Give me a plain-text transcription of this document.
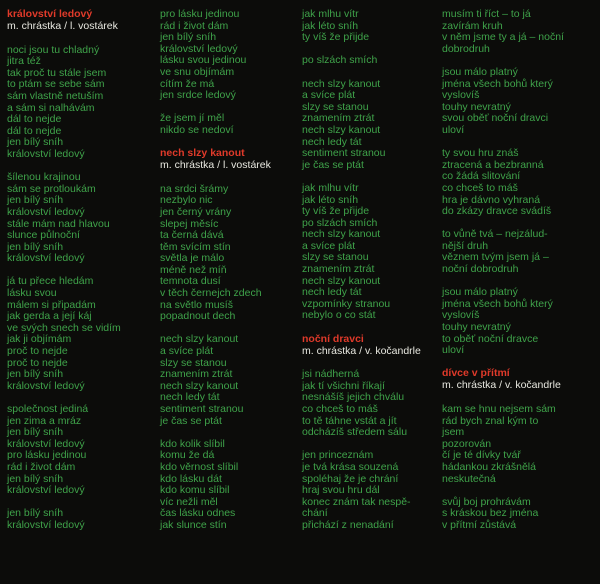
království ledový
m. chrástka / l. vostárek
noci jsou tu chladný
jitra též
tak proč tu stále jsem
to ptám se sebe sám
sám vlastně netuším
a sám si nalhávám
dál to nejde
dál to nejde
jen bílý sníh
království ledový
šílenou krajinou
sám se protloukám
jen bílý sníh
království ledový
stále mám nad hlavou
slunce půlnoční
jen bílý sníh
království ledový
já tu přece hledám
lásku svou
málem si připadám
jak gerda a její káj
ve svých snech se vidím
jak ji objímám
proč to nejde
proč to nejde
jen bílý sníh
království ledový
společnost jediná
jen zima a mráz
jen bílý sníh
království ledový
pro lásku jedinou
rád i život dám
jen bílý sníh
království ledový
jen bílý sníh
království ledový
pro lásku jedinou
rád i život dám
jen bílý sníh
království ledový
lásku svou jedinou
ve snu objímám
cítím že má
jen srdce ledový
že jsem jí měl
nikdo se nedoví
nech slzy kanout
m. chrástka / l. vostárek
na srdci šrámy
nezbylo nic
jen černý vrány
slepej měsíc
ta černá dává
těm svícím stín
světla je málo
méně než míň
temnota dusí
v těch černejch zdech
na světlo musíš
popadnout dech
nech slzy kanout
a svíce plát
slzy se stanou
znamením ztrát
nech slzy kanout
nech ledy tát
sentiment stranou
je čas se ptát
kdo kolik slíbil
komu že dá
kdo věrnost slíbil
kdo lásku dát
kdo komu slíbil
víc nežli měl
čas lásku odnes
jak slunce stín
jak mlhu vítr
jak léto sníh
ty víš že přijde
po slzách smích
nech slzy kanout
a svíce plát
slzy se stanou
znamením ztrát
nech slzy kanout
nech ledy tát
sentiment stranou
je čas se ptát
jak mlhu vítr
jak léto sníh
ty víš že přijde
po slzách smích
nech slzy kanout
a svíce plát
slzy se stanou
znamením ztrát
nech slzy kanout
nech ledy tát
vzpomínky stranou
nebylo o co stát
noční dravci
m. chrástka / v. kočandrle
jsi nádherná
jak tí všichni říkají
nesnášíš jejich chválu
co chceš to máš
to tě táhne vstát a jít
odcházíš středem sálu
jen princeznám
je tvá krása souzená
spoléhaj že je chrání
hraj svou hru dál
konec znám tak nespě-
chání
přichází z nenadání
musím ti říct – to já
zavírám kruh
v něm jsme ty a já – noční
dobrodruh
jsou málo platný
jména všech bohů který
vyslovíš
touhy nevratný
svou oběť noční dravci
uloví
ty svou hru znáš
ztracená a bezbranná
co žádá slitování
co chceš to máš
hra je dávno vyhraná
do zkázy dravce svádíš
to vůně tvá – nejzálud-
nější druh
věznem tvým jsem já –
noční dobrodruh
jsou málo platný
jména všech bohů který
vyslovíš
touhy nevratný
to oběť noční dravce
uloví
dívce v přítmí
m. chrástka / v. kočandrle
kam se hnu nejsem sám
rád bych znal kým to
jsem
pozorován
čí je té dívky tvář
hádankou zkrášnělá
neskutečná
svůj boj prohrávám
s kráskou bez jména
v přítmí zůstává
